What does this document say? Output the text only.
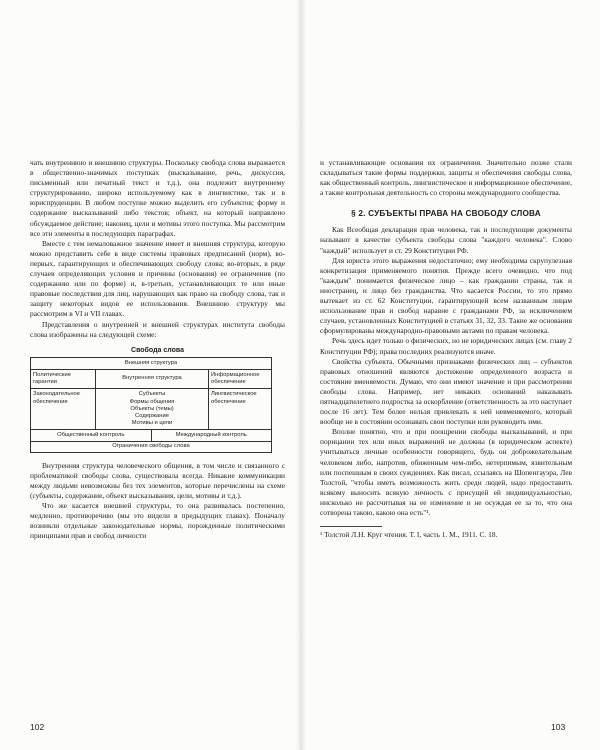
чать внутреннюю и внешнюю структуры. Поскольку свобода слова выражается в общественно-значимых поступках (высказывание, речь, дискуссия, письменный или печатный текст и т.д.), она подлежит внутреннему структурированию, широко используемому как в лингвистике, так и в юриспруденции. В любом поступке можно выделить его субъектов; форму и содержание высказываний либо текстов; объект, на который направлено обсуждаемое действие; наконец, цели и мотивы этого поступка. Мы рассмотрим все эти элементы в последующих параграфах.

Вместе с тем немаловажное значение имеет и внешняя структура, которую можно представить себе в виде системы правовых предписаний (норм), во-первых, гарантирующих и обеспечивающих свободу слова; во-вторых, в ряде случаев определяющих условия и причины (основания) ее ограничения (по содержанию или по форме) и, в-третьих, устанавливающих те или иные правовые последствия для лиц, нарушающих как право на свободу слова, так и защиту некоторых видов ее использования. Внешнюю структуру мы рассмотрим в VI и VII главах.

Представления о внутренней и внешней структурах института свободы слова изображены на следующей схеме:

Свобода слова
Внешняя структура
Политические гарантии
Внутренняя структура
Информационное обеспечение
Законодательное обеспечение
Субъекты
Формы общения
Объекты (темы)
Содержание
Мотивы и цели
Лингвистическое обеспечение
Общественный контроль	Международный контроль
Ограничения свободы слова

Внутренняя структура человеческого общения, в том числе и связанного с проблематикой свободы слова, существовала всегда. Никакие коммуникации между людьми невозможны без тех элементов, которые перечислены на схеме (субъекты, содержание, объект высказывания, цели, мотивы и т.д.).

Что же касается внешней структуры, то она развивалась постепенно, медленно, противоречиво (мы это видели в предыдущих главах). Поначалу возникли отдельные законодательные нормы, порожденные политическими принципами прав и свобод личности

102

и устанавливающие основания их ограничения. Значительно позже стали складываться такие формы поддержки, защиты и обеспечения свободы слова, как общественный контроль, лингвистическое и информационное обеспечение, а также контрольная деятельность со стороны международного сообщества.

§ 2. СУБЪЕКТЫ ПРАВА НА СВОБОДУ СЛОВА

Как Всеобщая декларация прав человека, так и последующие документы называют в качестве субъекта свободы слова "каждого человека". Слово "каждый" использует и ст. 29 Конституции РФ.

Для юриста этого выражения недостаточно; ему необходима скрупулезная конкретизация применяемого понятия. Прежде всего очевидно, что под "каждым" понимается физическое лицо – как гражданин страны, так и иностранец, и лицо без гражданства. Что касается России, то это прямо вытекает из ст. 62 Конституции, гарантирующей всем названным лицам использование прав и свобод наравне с гражданами РФ, за исключением случаев, установленных Конституцией в статьях 31, 32, 33. Такие же основания сформулированы международно-правовыми актами по правам человека.

Речь здесь идет только о физических, но не юридических лицах (см. главу 2 Конституции РФ); права последних реализуются иначе.

Свойства субъекта. Обычными признаками физических лиц – субъектов правовых отношений являются достижение определенного возраста и состояние вменяемости. Думаю, что они имеют значение и при рассмотрении свободы слова. Например, нет никаких оснований наказывать пятнадцатилетнего подростка за оскорбление (ответственность за это наступает после 16 лет). Тем более нельзя привлекать к ней невменяемого, который вообще не в состоянии осознавать свои поступки или руководить ими.

Вполне понятно, что и при поощрении свободы высказываний, и при порицании тех или иных выражений не должны (в юридическом аспекте) учитываться личные особенности говорящего, будь он доброжелательным человеком либо, напротив, обиженным чем-либо, нетерпимым, язвительным или поспешным в своих суждениях. Как писал, ссылаясь на Шопенгауэра, Лев Толстой, "чтобы иметь возможность жить среди людей, надо предоставить всякому выносить всякую личность с присущей ей индивидуальностью, нисколько не рассчитывая на ее изменение и не осуждая ее за то, что она сотворена такою, какою она есть"¹.

¹ Толстой Л.Н. Круг чтения. Т. I, часть 1. М., 1911. С. 18.

103
